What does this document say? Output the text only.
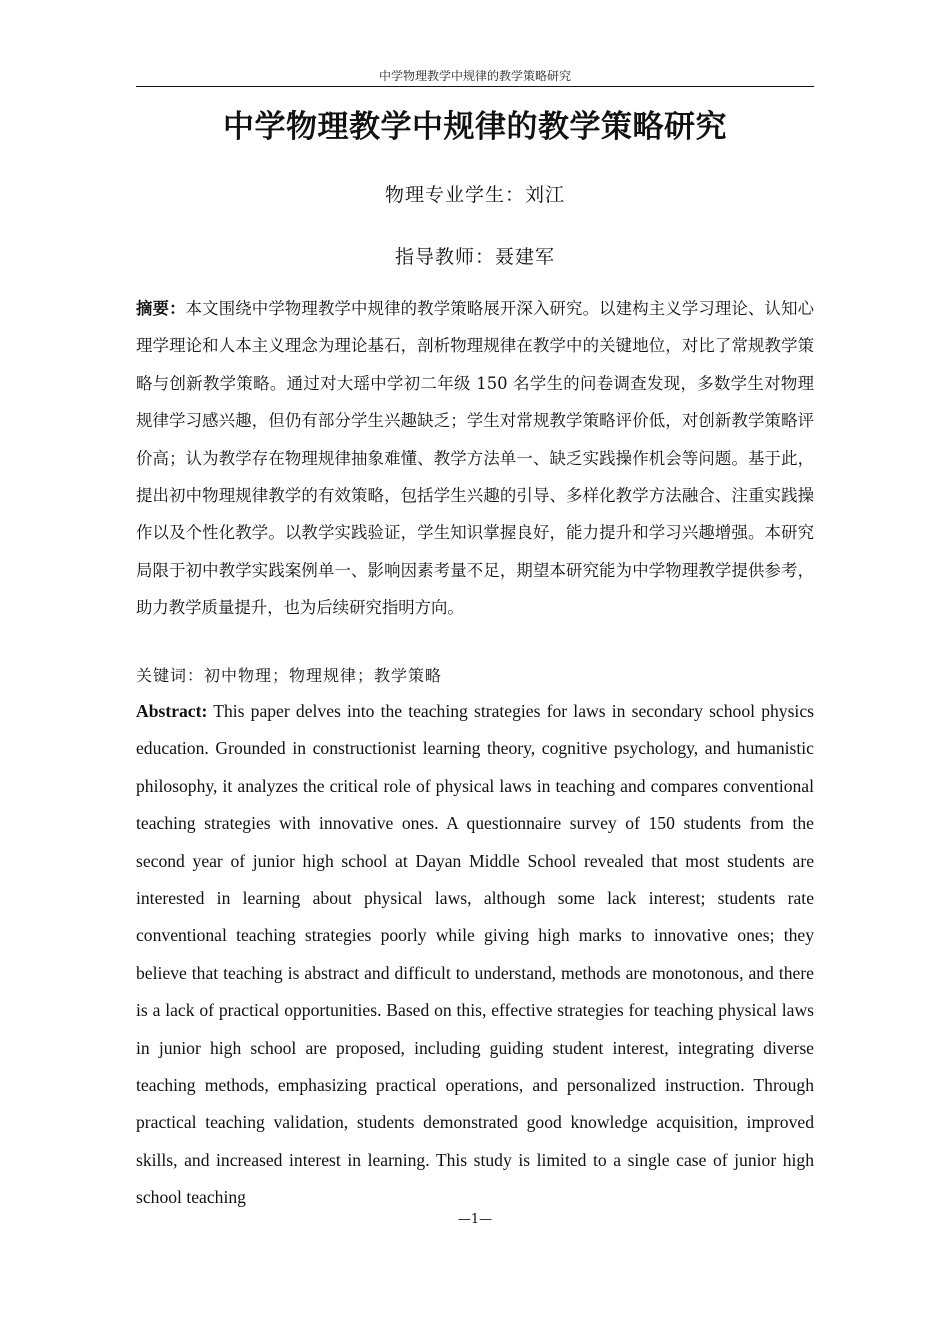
中学物理教学中规律的教学策略研究
中学物理教学中规律的教学策略研究
物理专业学生：刘江
指导教师：聂建军

摘要：本文围绕中学物理教学中规律的教学策略展开深入研究。以建构主义学习理论、认知心理学理论和人本主义理念为理论基石，剖析物理规律在教学中的关键地位，对比了常规教学策略与创新教学策略。通过对大瑶中学初二年级 150 名学生的问卷调查发现，多数学生对物理规律学习感兴趣，但仍有部分学生兴趣缺乏；学生对常规教学策略评价低，对创新教学策略评价高；认为教学存在物理规律抽象难懂、教学方法单一、缺乏实践操作机会等问题。基于此，提出初中物理规律教学的有效策略，包括学生兴趣的引导、多样化教学方法融合、注重实践操作以及个性化教学。以教学实践验证，学生知识掌握良好，能力提升和学习兴趣增强。本研究局限于初中教学实践案例单一、影响因素考量不足，期望本研究能为中学物理教学提供参考，助力教学质量提升，也为后续研究指明方向。

关键词：初中物理；物理规律；教学策略

Abstract: This paper delves into the teaching strategies for laws in secondary school physics education. Grounded in constructionist learning theory, cognitive psychology, and humanistic philosophy, it analyzes the critical role of physical laws in teaching and compares conventional teaching strategies with innovative ones. A questionnaire survey of 150 students from the second year of junior high school at Dayan Middle School revealed that most students are interested in learning about physical laws, although some lack interest; students rate conventional teaching strategies poorly while giving high marks to innovative ones; they believe that teaching is abstract and difficult to understand, methods are monotonous, and there is a lack of practical opportunities. Based on this, effective strategies for teaching physical laws in junior high school are proposed, including guiding student interest, integrating diverse teaching methods, emphasizing practical operations, and personalized instruction. Through practical teaching validation, students demonstrated good knowledge acquisition, improved skills, and increased interest in learning. This study is limited to a single case of junior high school teaching

—1—
